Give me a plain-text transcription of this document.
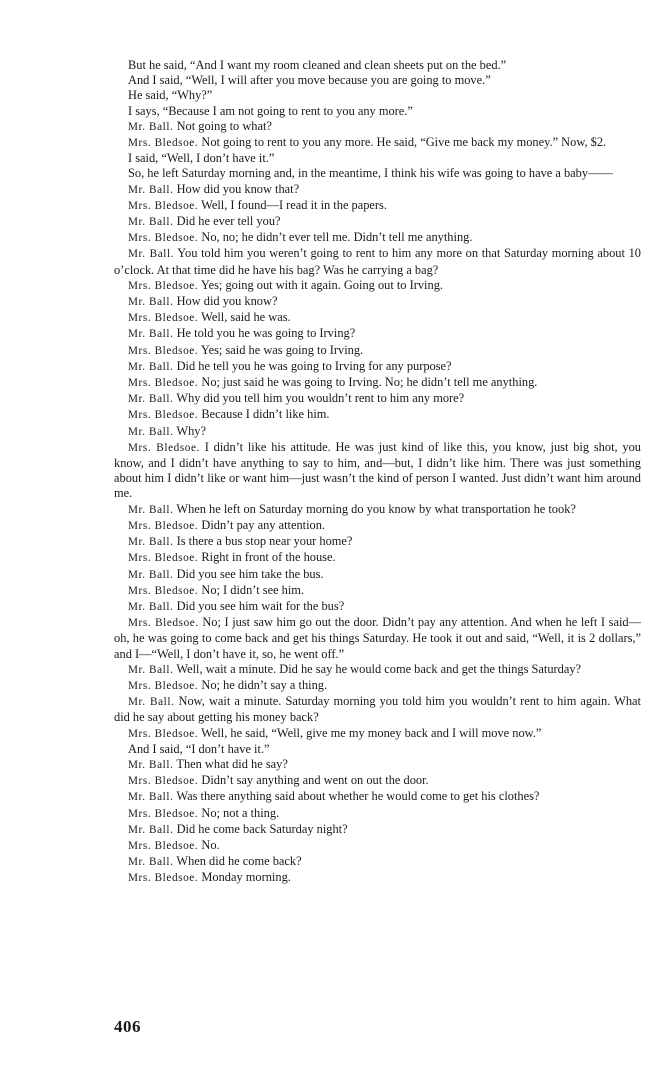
But he said, “And I want my room cleaned and clean sheets put on the bed.”

And I said, “Well, I will after you move because you are going to move.”

He said, “Why?”

I says, “Because I am not going to rent to you any more.”

Mr. Ball. Not going to what?

Mrs. Bledsoe. Not going to rent to you any more. He said, “Give me back my money.” Now, $2.

I said, “Well, I don’t have it.”

So, he left Saturday morning and, in the meantime, I think his wife was going to have a baby——

Mr. Ball. How did you know that?

Mrs. Bledsoe. Well, I found—I read it in the papers.

Mr. Ball. Did he ever tell you?

Mrs. Bledsoe. No, no; he didn’t ever tell me. Didn’t tell me anything.

Mr. Ball. You told him you weren’t going to rent to him any more on that Saturday morning about 10 o’clock. At that time did he have his bag? Was he carrying a bag?

Mrs. Bledsoe. Yes; going out with it again. Going out to Irving.

Mr. Ball. How did you know?

Mrs. Bledsoe. Well, said he was.

Mr. Ball. He told you he was going to Irving?

Mrs. Bledsoe. Yes; said he was going to Irving.

Mr. Ball. Did he tell you he was going to Irving for any purpose?

Mrs. Bledsoe. No; just said he was going to Irving. No; he didn’t tell me anything.

Mr. Ball. Why did you tell him you wouldn’t rent to him any more?

Mrs. Bledsoe. Because I didn’t like him.

Mr. Ball. Why?

Mrs. Bledsoe. I didn’t like his attitude. He was just kind of like this, you know, just big shot, you know, and I didn’t have anything to say to him, and—but, I didn’t like him. There was just something about him I didn’t like or want him—just wasn’t the kind of person I wanted. Just didn’t want him around me.

Mr. Ball. When he left on Saturday morning do you know by what transportation he took?

Mrs. Bledsoe. Didn’t pay any attention.

Mr. Ball. Is there a bus stop near your home?

Mrs. Bledsoe. Right in front of the house.

Mr. Ball. Did you see him take the bus.

Mrs. Bledsoe. No; I didn’t see him.

Mr. Ball. Did you see him wait for the bus?

Mrs. Bledsoe. No; I just saw him go out the door. Didn’t pay any attention. And when he left I said—oh, he was going to come back and get his things Saturday. He took it out and said, “Well, it is 2 dollars,” and I—“Well, I don’t have it, so, he went off.”

Mr. Ball. Well, wait a minute. Did he say he would come back and get the things Saturday?

Mrs. Bledsoe. No; he didn’t say a thing.

Mr. Ball. Now, wait a minute. Saturday morning you told him you wouldn’t rent to him again. What did he say about getting his money back?

Mrs. Bledsoe. Well, he said, “Well, give me my money back and I will move now.”

And I said, “I don’t have it.”

Mr. Ball. Then what did he say?

Mrs. Bledsoe. Didn’t say anything and went on out the door.

Mr. Ball. Was there anything said about whether he would come to get his clothes?

Mrs. Bledsoe. No; not a thing.

Mr. Ball. Did he come back Saturday night?

Mrs. Bledsoe. No.

Mr. Ball. When did he come back?

Mrs. Bledsoe. Monday morning.

406
